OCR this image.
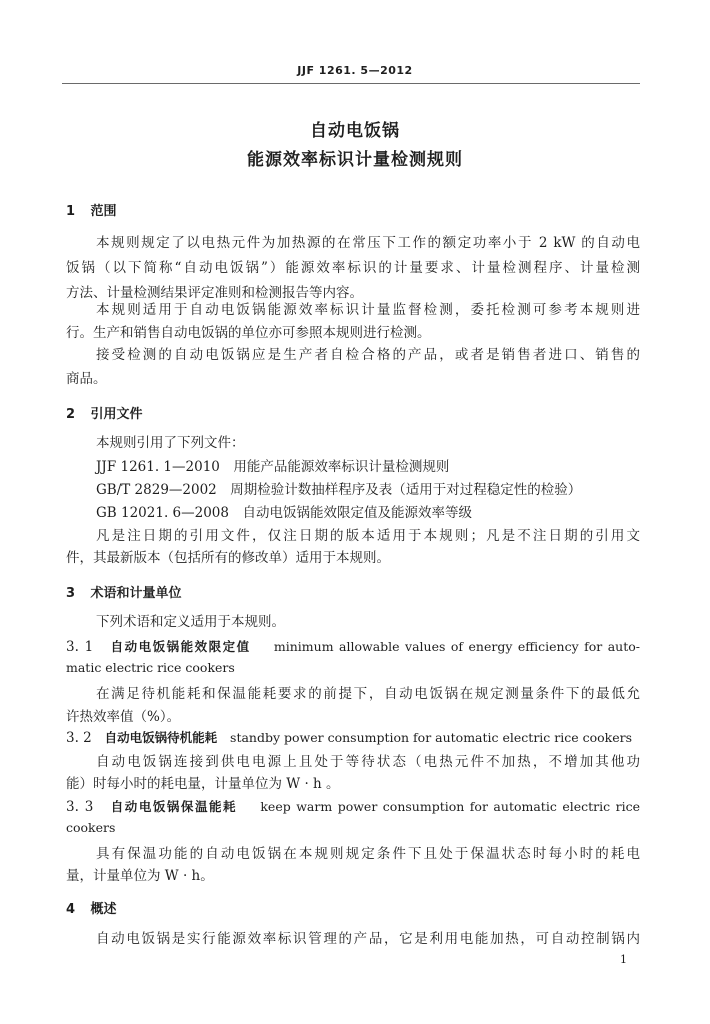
JJF 1261. 5—2012
自动电饭锅
能源效率标识计量检测规则
1 范围
本规则规定了以电热元件为加热源的在常压下工作的额定功率小于 2 kW 的自动电
饭锅（以下简称“自动电饭锅”）能源效率标识的计量要求、计量检测程序、计量检测
方法、计量检测结果评定准则和检测报告等内容。
本规则适用于自动电饭锅能源效率标识计量监督检测，委托检测可参考本规则进
行。生产和销售自动电饭锅的单位亦可参照本规则进行检测。
接受检测的自动电饭锅应是生产者自检合格的产品，或者是销售者进口、销售的
商品。
2 引用文件
本规则引用了下列文件：
JJF 1261. 1—2010　用能产品能源效率标识计量检测规则
GB/T 2829—2002　周期检验计数抽样程序及表（适用于对过程稳定性的检验）
GB 12021. 6—2008　自动电饭锅能效限定值及能源效率等级
凡是注日期的引用文件，仅注日期的版本适用于本规则；凡是不注日期的引用文
件，其最新版本（包括所有的修改单）适用于本规则。
3 术语和计量单位
下列术语和定义适用于本规则。
3. 1 自动电饭锅能效限定值 minimum allowable values of energy efficiency for auto-
matic electric rice cookers
在满足待机能耗和保温能耗要求的前提下，自动电饭锅在规定测量条件下的最低允
许热效率值（%）。
3. 2 自动电饭锅待机能耗 standby power consumption for automatic electric rice cookers
自动电饭锅连接到供电电源上且处于等待状态（电热元件不加热，不增加其他功
能）时每小时的耗电量，计量单位为 W · h 。
3. 3 自动电饭锅保温能耗 keep warm power consumption for automatic electric rice
cookers
具有保温功能的自动电饭锅在本规则规定条件下且处于保温状态时每小时的耗电
量，计量单位为 W · h。
4 概述
自动电饭锅是实行能源效率标识管理的产品，它是利用电能加热，可自动控制锅内
1
